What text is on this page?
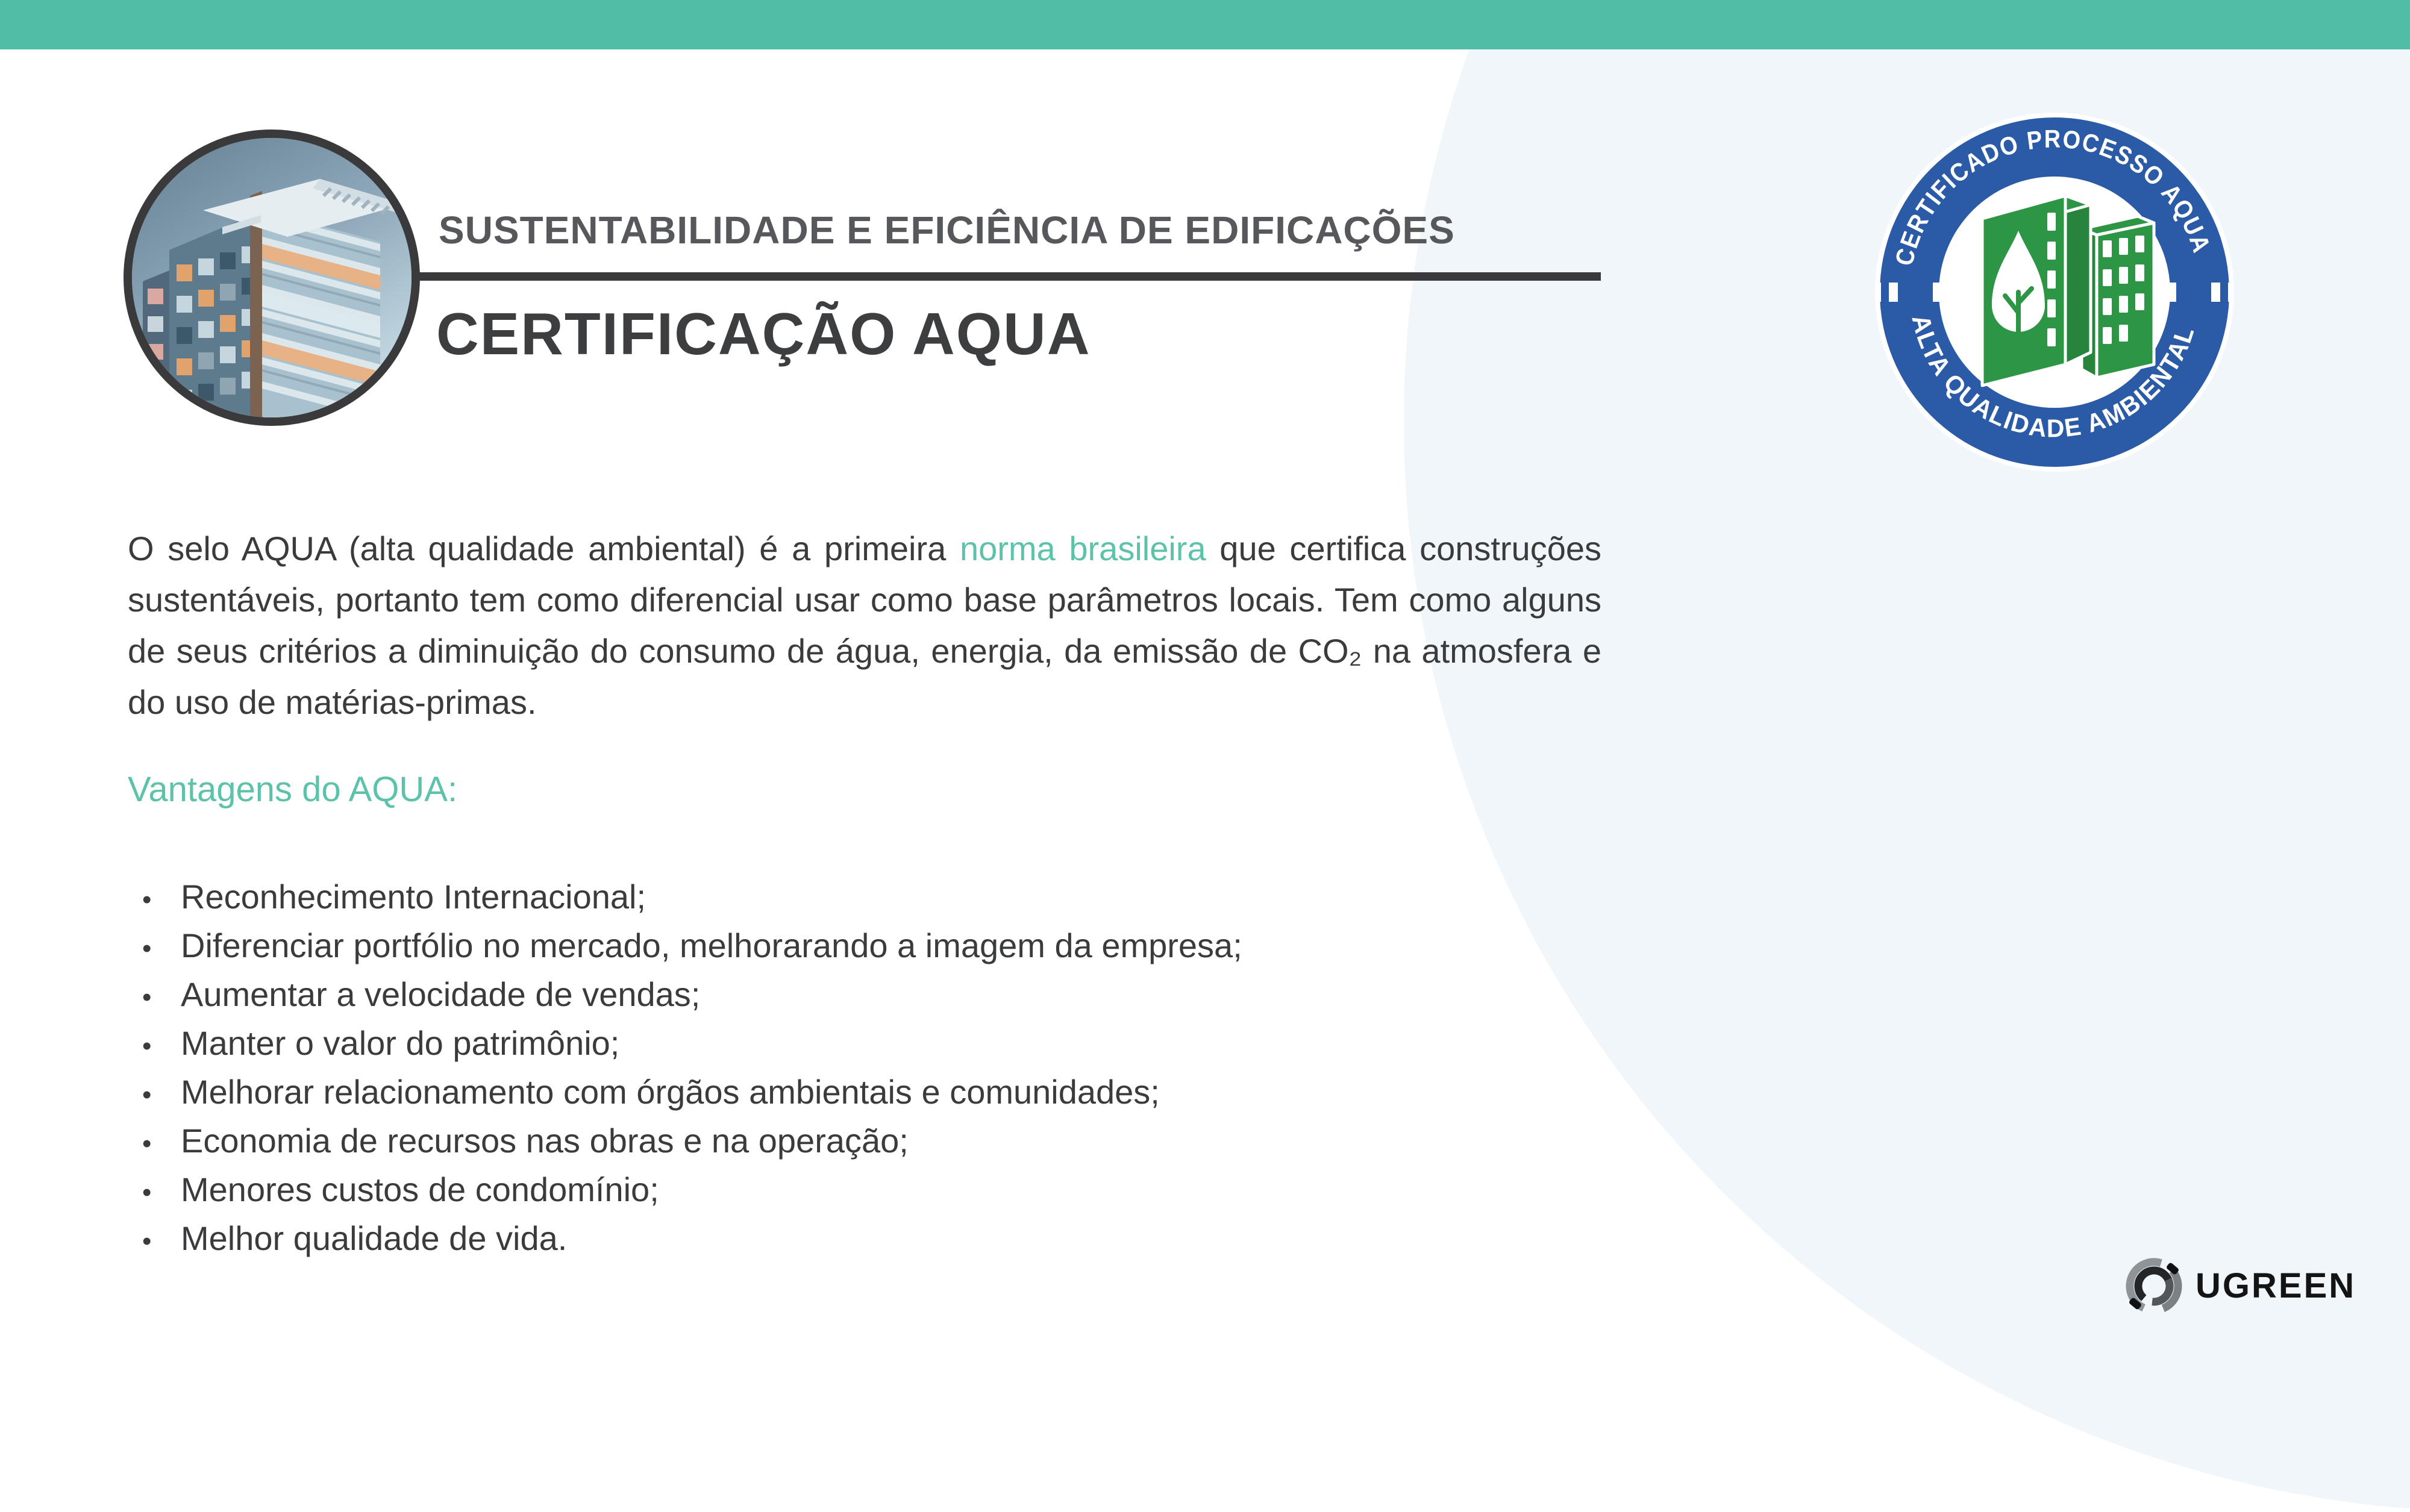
SUSTENTABILIDADE E EFICIÊNCIA DE EDIFICAÇÕES
CERTIFICAÇÃO AQUA
CERTIFICADO PROCESSO AQUA
ALTA QUALIDADE AMBIENTAL

O selo AQUA (alta qualidade ambiental) é a primeira norma brasileira que certifica construções sustentáveis, portanto tem como diferencial usar como base parâmetros locais. Tem como alguns de seus critérios a diminuição do consumo de água, energia, da emissão de CO₂ na atmosfera e do uso de matérias-primas.

Vantagens do AQUA:
• Reconhecimento Internacional;
• Diferenciar portfólio no mercado, melhorarando a imagem da empresa;
• Aumentar a velocidade de vendas;
• Manter o valor do patrimônio;
• Melhorar relacionamento com órgãos ambientais e comunidades;
• Economia de recursos nas obras e na operação;
• Menores custos de condomínio;
• Melhor qualidade de vida.
UGREEN
